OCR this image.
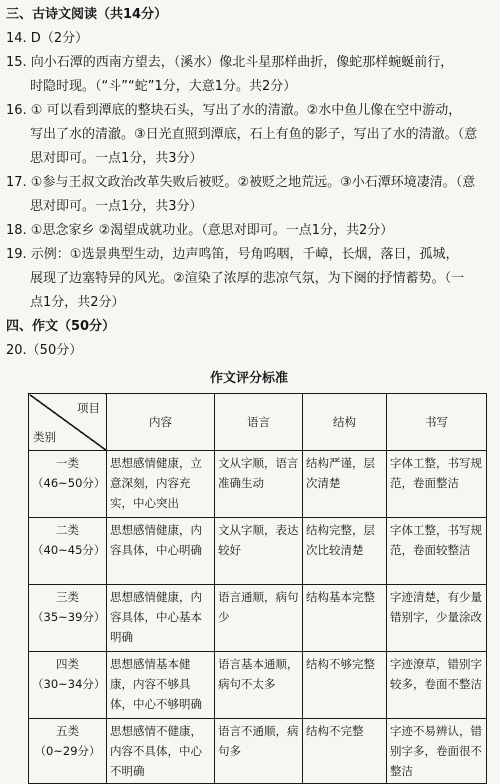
三、古诗文阅读（共14分）
14. D（2分）
15. 向小石潭的西南方望去，（溪水）像北斗星那样曲折，像蛇那样蜿蜒前行，
时隐时现。（“斗”“蛇”1分，大意1分。共2分）
16. ① 可以看到潭底的整块石头，写出了水的清澈。②水中鱼儿像在空中游动，
写出了水的清澈。③日光直照到潭底，石上有鱼的影子，写出了水的清澈。（意
思对即可。一点1分，共3分）
17. ①参与王叔文政治改革失败后被贬。②被贬之地荒远。③小石潭环境凄清。（意
思对即可。一点1分，共3分）
18. ①思念家乡 ②渴望成就功业。（意思对即可。一点1分，共2分）
19. 示例：①选景典型生动，边声鸣笛，号角呜咽，千嶂，长烟，落日，孤城，
展现了边塞特异的风光。②渲染了浓厚的悲凉气氛，为下阕的抒情蓄势。（一
点1分，共2分）
四、作文（50分）
20.（50分）
作文评分标准
项目
类别	内容	语言	结构	书写

一类
（46~50分）	思想感情健康，立意深刻，内容充实，中心突出	文从字顺，语言准确生动	结构严谨，层次清楚	字体工整，书写规范，卷面整洁

二类
（40~45分）	思想感情健康，内容具体，中心明确	文从字顺，表达较好	结构完整，层次比较清楚	字体工整，书写规范，卷面较整洁

三类
（35~39分）	思想感情健康，内容具体，中心基本明确	语言通顺，病句少	结构基本完整	字迹清楚，有少量错别字，少量涂改

四类
（30~34分）	思想感情基本健康，内容不够具体，中心不够明确	语言基本通顺，病句不太多	结构不够完整	字迹潦草，错别字较多，卷面不整洁

五类
（0~29分）	思想感情不健康，内容不具体，中心不明确	语言不通顺，病句多	结构不完整	字迹不易辨认，错别字多，卷面很不整洁
